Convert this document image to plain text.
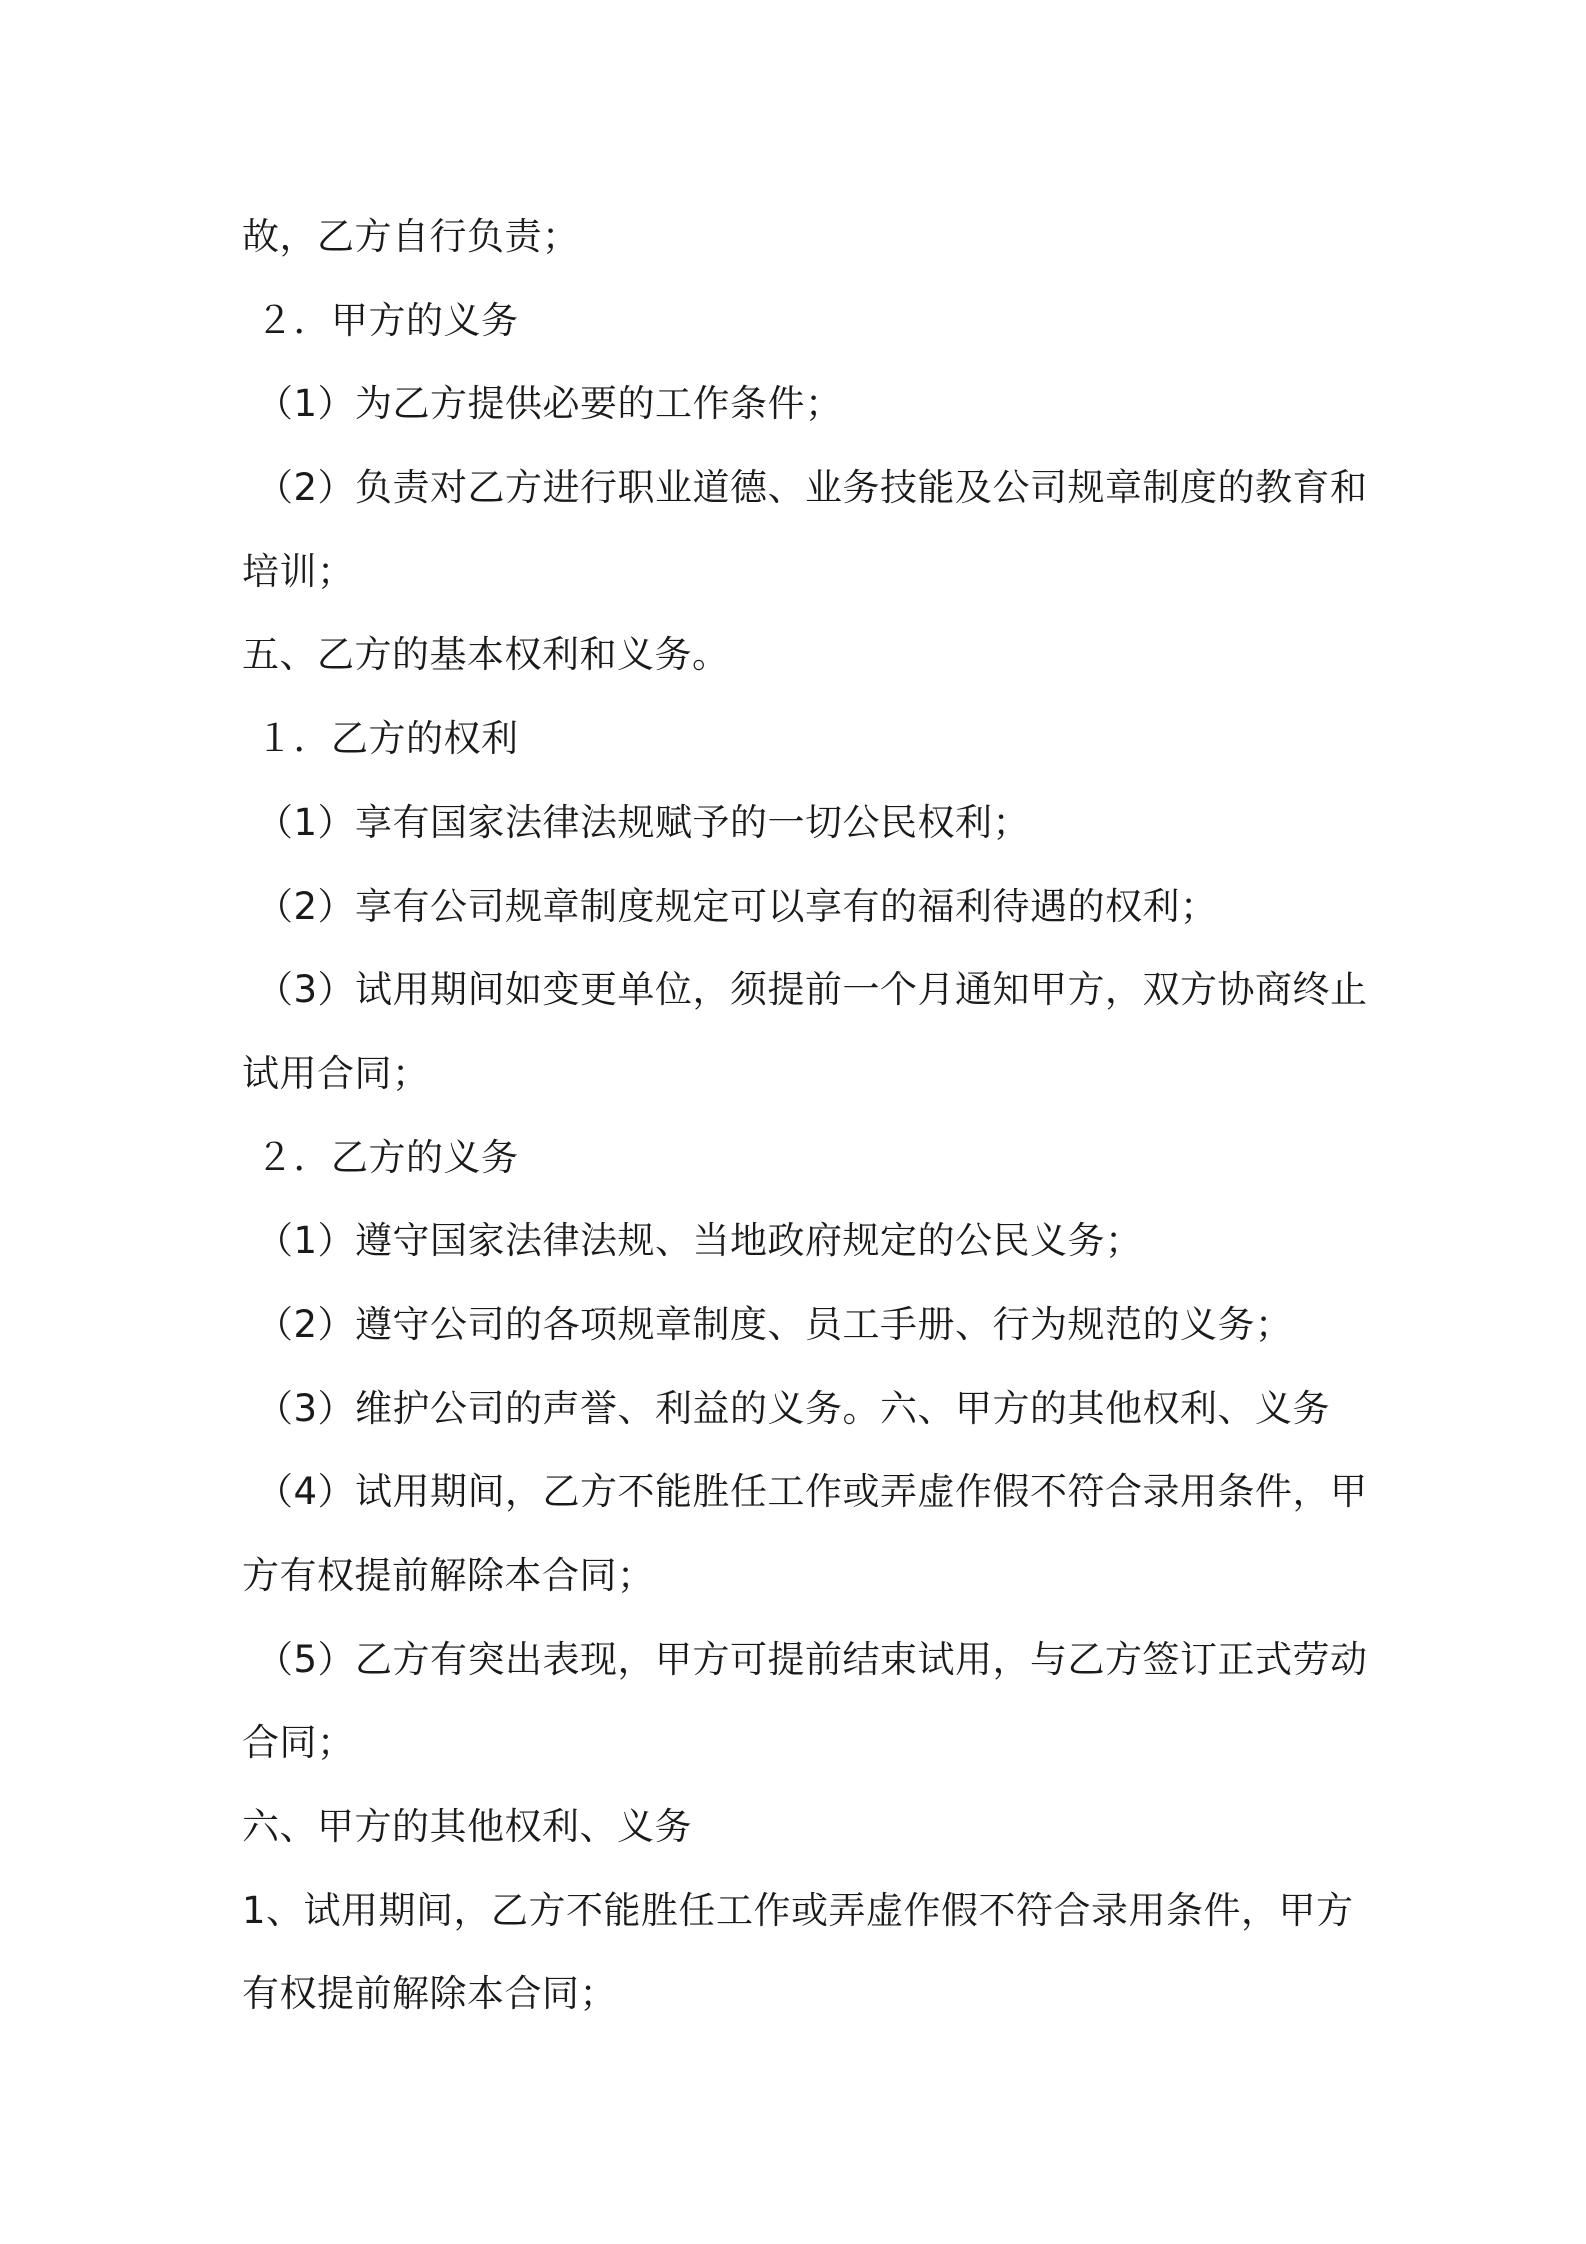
故，乙方自行负责；
２．甲方的义务
（1）为乙方提供必要的工作条件；
（2）负责对乙方进行职业道德、业务技能及公司规章制度的教育和
培训；
五、乙方的基本权利和义务。
１．乙方的权利
（1）享有国家法律法规赋予的一切公民权利；
（2）享有公司规章制度规定可以享有的福利待遇的权利；
（3）试用期间如变更单位，须提前一个月通知甲方，双方协商终止
试用合同；
２．乙方的义务
（1）遵守国家法律法规、当地政府规定的公民义务；
（2）遵守公司的各项规章制度、员工手册、行为规范的义务；
（3）维护公司的声誉、利益的义务。六、甲方的其他权利、义务
（4）试用期间，乙方不能胜任工作或弄虚作假不符合录用条件，甲
方有权提前解除本合同；
（5）乙方有突出表现，甲方可提前结束试用，与乙方签订正式劳动
合同；
六、甲方的其他权利、义务
1、试用期间，乙方不能胜任工作或弄虚作假不符合录用条件，甲方
有权提前解除本合同；
